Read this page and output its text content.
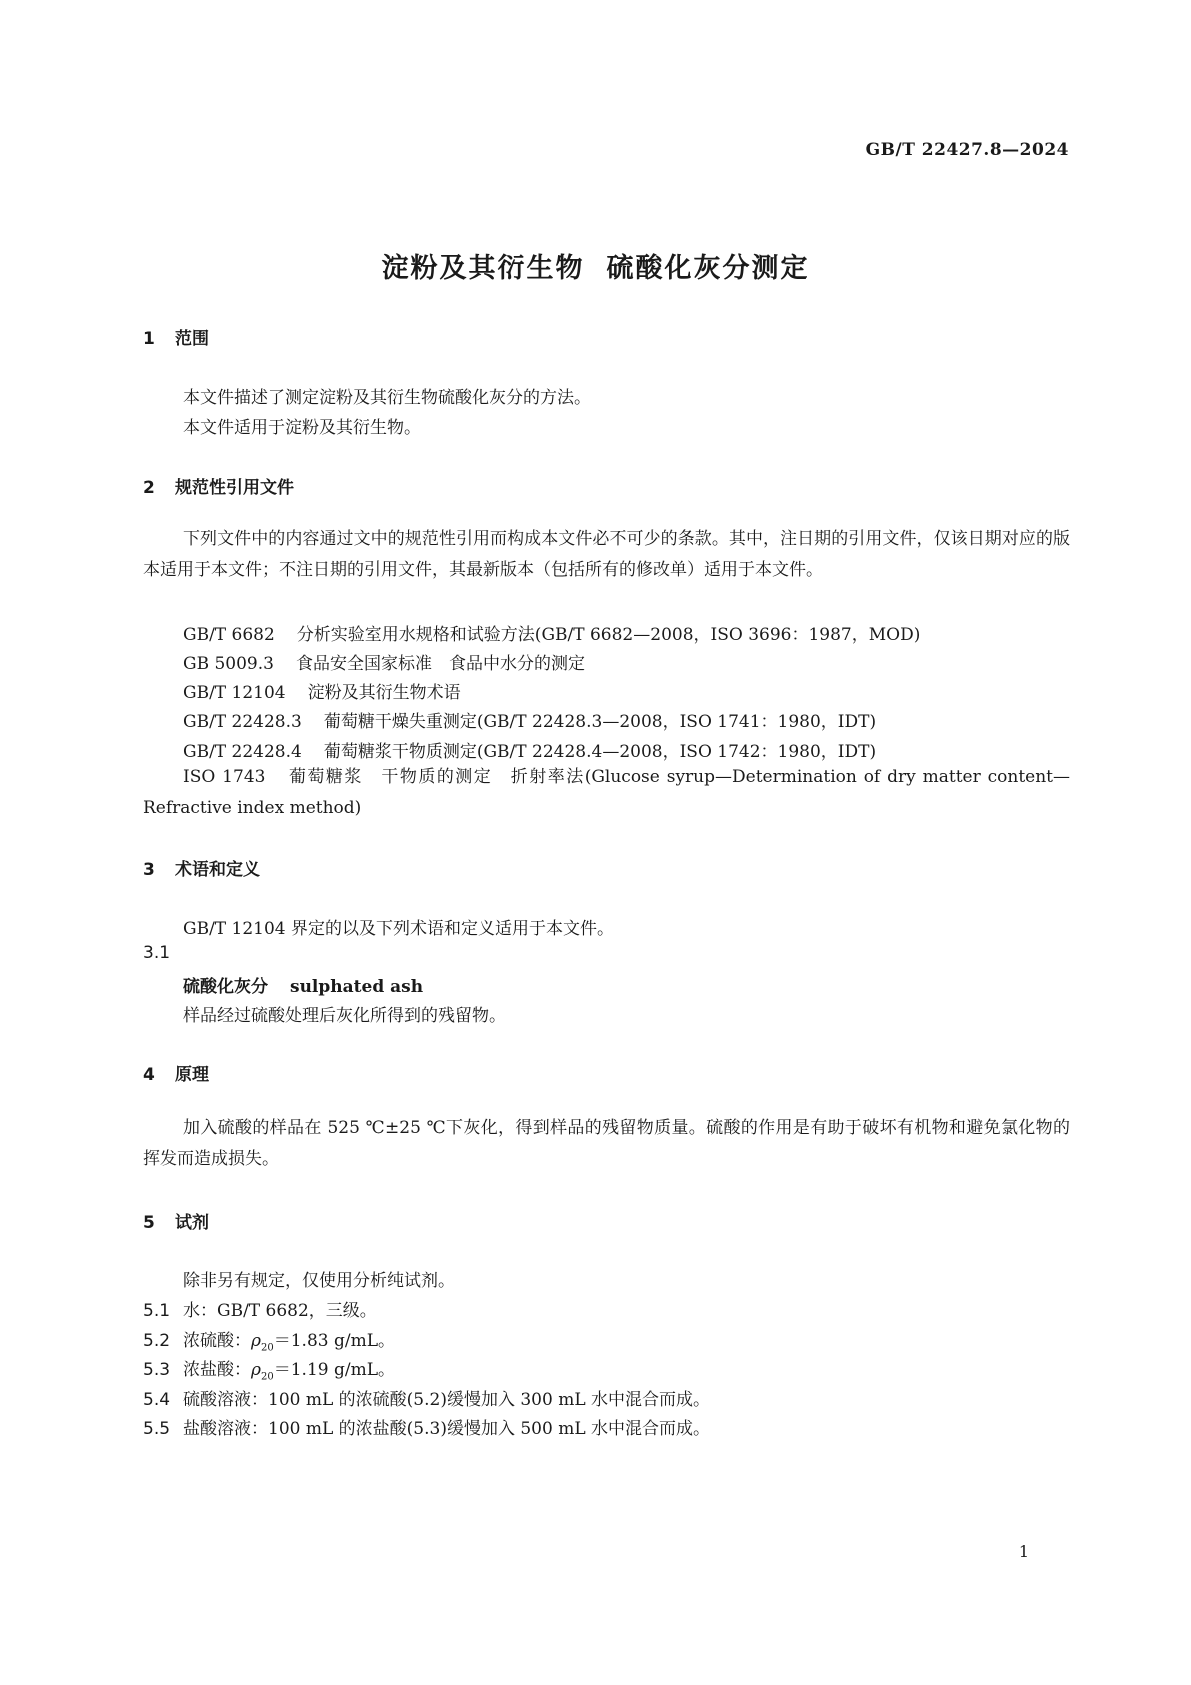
GB/T 22427.8—2024
淀粉及其衍生物 硫酸化灰分测定
1 范围
本文件描述了测定淀粉及其衍生物硫酸化灰分的方法。
本文件适用于淀粉及其衍生物。
2 规范性引用文件
下列文件中的内容通过文中的规范性引用而构成本文件必不可少的条款。其中，注日期的引用文件，仅该日期对应的版本适用于本文件；不注日期的引用文件，其最新版本（包括所有的修改单）适用于本文件。
GB/T 6682 分析实验室用水规格和试验方法(GB/T 6682—2008，ISO 3696：1987，MOD)
GB 5009.3 食品安全国家标准　食品中水分的测定
GB/T 12104 淀粉及其衍生物术语
GB/T 22428.3 葡萄糖干燥失重测定(GB/T 22428.3—2008，ISO 1741：1980，IDT)
GB/T 22428.4 葡萄糖浆干物质测定(GB/T 22428.4—2008，ISO 1742：1980，IDT)
ISO 1743 葡萄糖浆　干物质的测定　折射率法(Glucose syrup—Determination of dry matter content—Refractive index method)
3 术语和定义
GB/T 12104 界定的以及下列术语和定义适用于本文件。
3.1
硫酸化灰分 sulphated ash
样品经过硫酸处理后灰化所得到的残留物。
4 原理
加入硫酸的样品在 525 ℃±25 ℃下灰化，得到样品的残留物质量。硫酸的作用是有助于破坏有机物和避免氯化物的挥发而造成损失。
5 试剂
除非另有规定，仅使用分析纯试剂。
5.1 水：GB/T 6682，三级。
5.2 浓硫酸：$\rho_{20}=1.83$ g/mL。
5.3 浓盐酸：$\rho_{20}=1.19$ g/mL。
5.4 硫酸溶液：100 mL 的浓硫酸(5.2)缓慢加入 300 mL 水中混合而成。
5.5 盐酸溶液：100 mL 的浓盐酸(5.3)缓慢加入 500 mL 水中混合而成。
1
